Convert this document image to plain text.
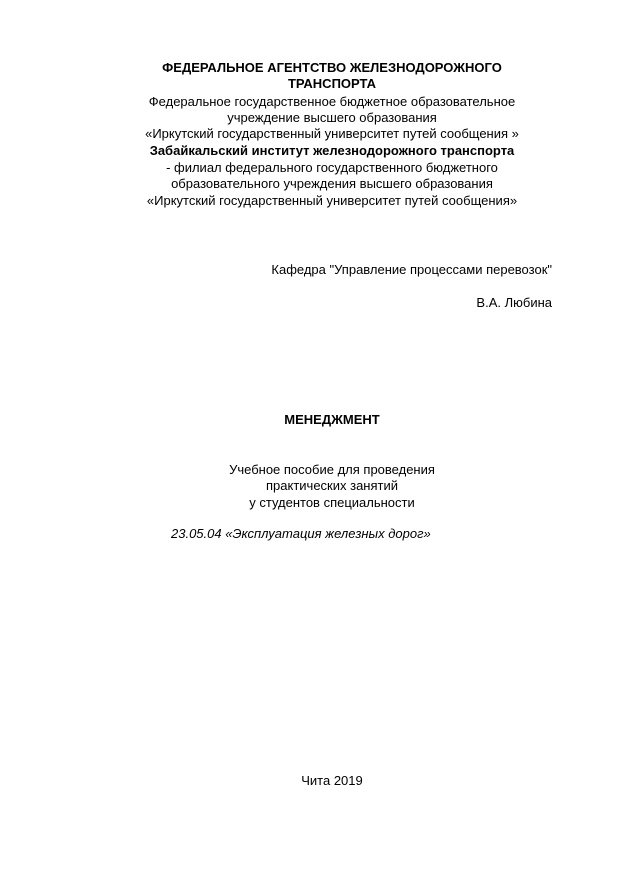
ФЕДЕРАЛЬНОЕ АГЕНТСТВО ЖЕЛЕЗНОДОРОЖНОГО
ТРАНСПОРТА
Федеральное государственное бюджетное образовательное
учреждение высшего образования
«Иркутский государственный университет путей сообщения »
Забайкальский институт железнодорожного транспорта
- филиал федерального государственного бюджетного
образовательного учреждения высшего образования
«Иркутский государственный университет путей сообщения»
Кафедра "Управление процессами перевозок"
В.А. Любина
МЕНЕДЖМЕНТ
Учебное пособие для проведения
практических занятий
у студентов специальности
23.05.04 «Эксплуатация железных дорог»
Чита 2019
